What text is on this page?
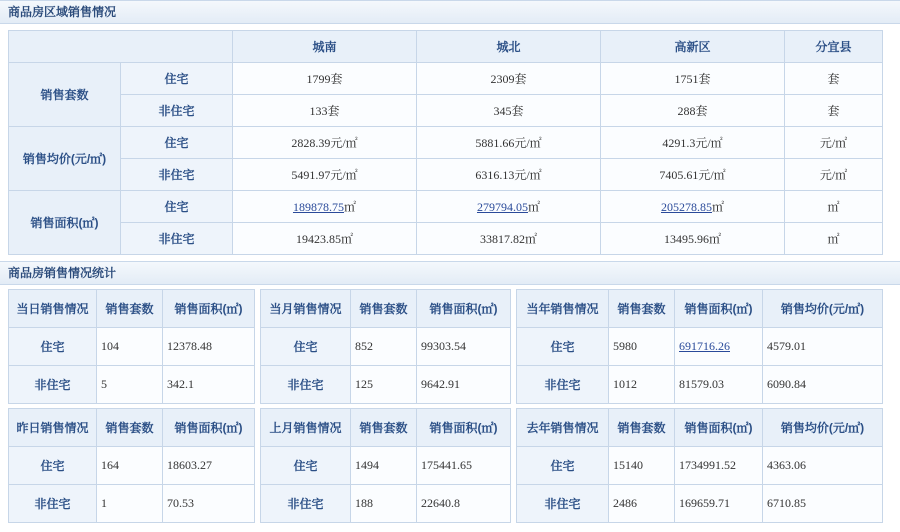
商品房区域销售情况
		城南	城北	高新区	分宜县
销售套数	住宅	1799套	2309套	1751套	套
	非住宅	133套	345套	288套	套
销售均价(元/㎡)	住宅	2828.39元/㎡	5881.66元/㎡	4291.3元/㎡	元/㎡
	非住宅	5491.97元/㎡	6316.13元/㎡	7405.61元/㎡	元/㎡
销售面积(㎡)	住宅	189878.75㎡	279794.05㎡	205278.85㎡	㎡
	非住宅	19423.85㎡	33817.82㎡	13495.96㎡	㎡
商品房销售情况统计
当日销售情况	销售套数	销售面积(㎡)		当月销售情况	销售套数	销售面积(㎡)		当年销售情况	销售套数	销售面积(㎡)	销售均价(元/㎡)
住宅	104	12378.48		住宅	852	99303.54		住宅	5980	691716.26	4579.01
非住宅	5	342.1		非住宅	125	9642.91		非住宅	1012	81579.03	6090.84

昨日销售情况	销售套数	销售面积(㎡)		上月销售情况	销售套数	销售面积(㎡)		去年销售情况	销售套数	销售面积(㎡)	销售均价(元/㎡)
住宅	164	18603.27		住宅	1494	175441.65		住宅	15140	1734991.52	4363.06
非住宅	1	70.53		非住宅	188	22640.8		非住宅	2486	169659.71	6710.85
